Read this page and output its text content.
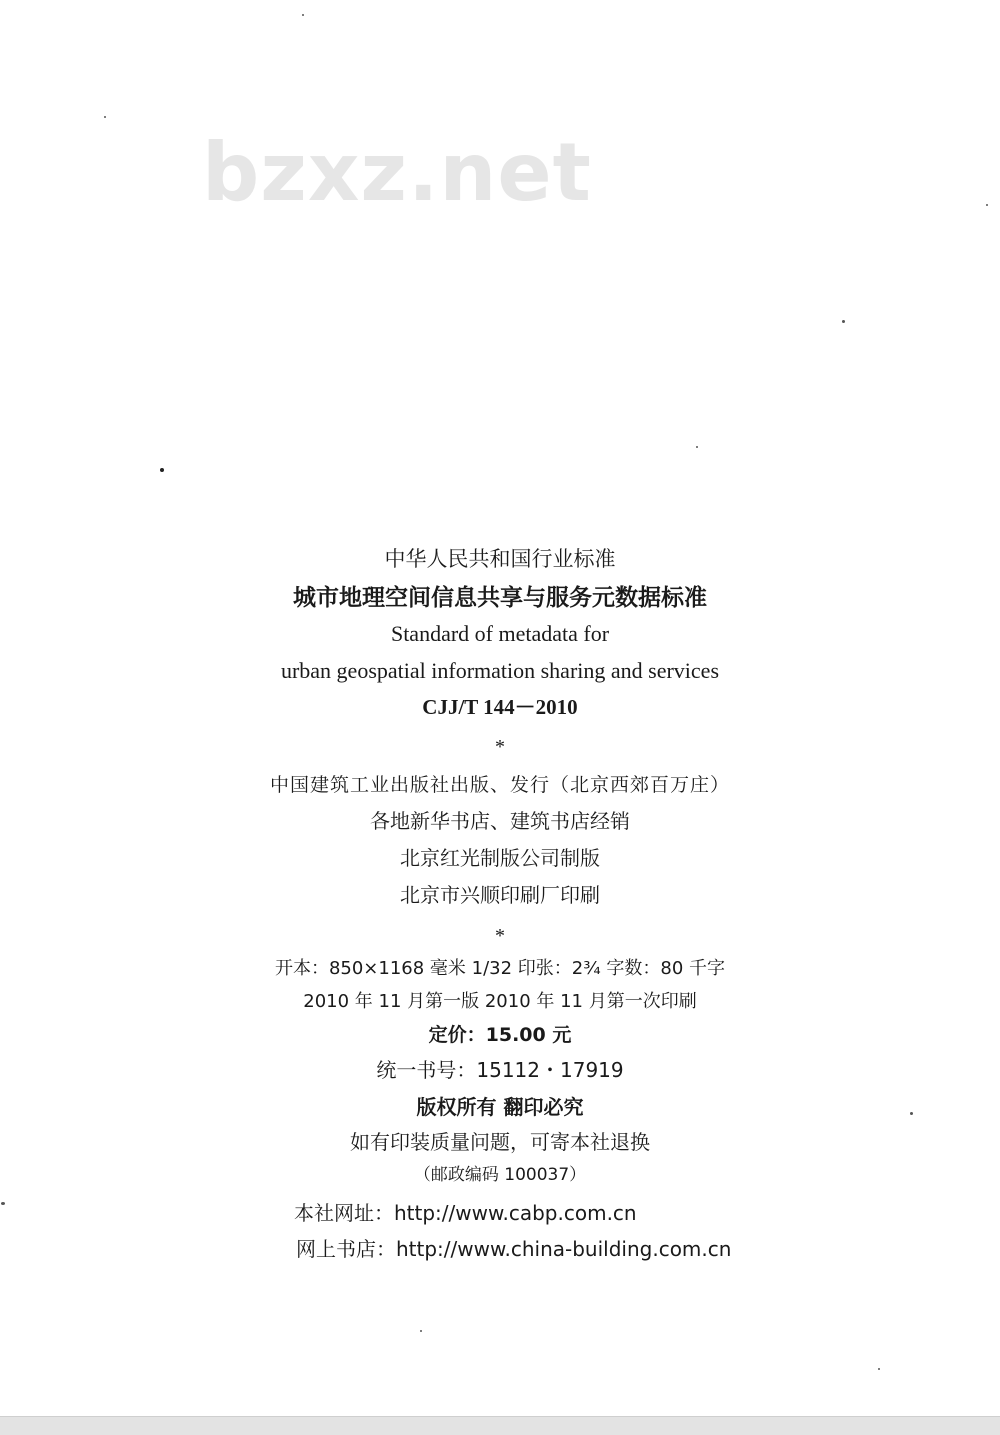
bzxz.net
中华人民共和国行业标准
城市地理空间信息共享与服务元数据标准
Standard of metadata for
urban geospatial information sharing and services
CJJ/T 144－2010
*
中国建筑工业出版社出版、发行（北京西郊百万庄）
各地新华书店、建筑书店经销
北京红光制版公司制版
北京市兴顺印刷厂印刷
*
开本：850×1168 毫米 1/32 印张：2¾ 字数：80 千字
2010 年 11 月第一版 2010 年 11 月第一次印刷
定价：15.00 元
统一书号：15112・17919
版权所有 翻印必究
如有印装质量问题，可寄本社退换
（邮政编码 100037）
本社网址：http://www.cabp.com.cn
网上书店：http://www.china-building.com.cn
